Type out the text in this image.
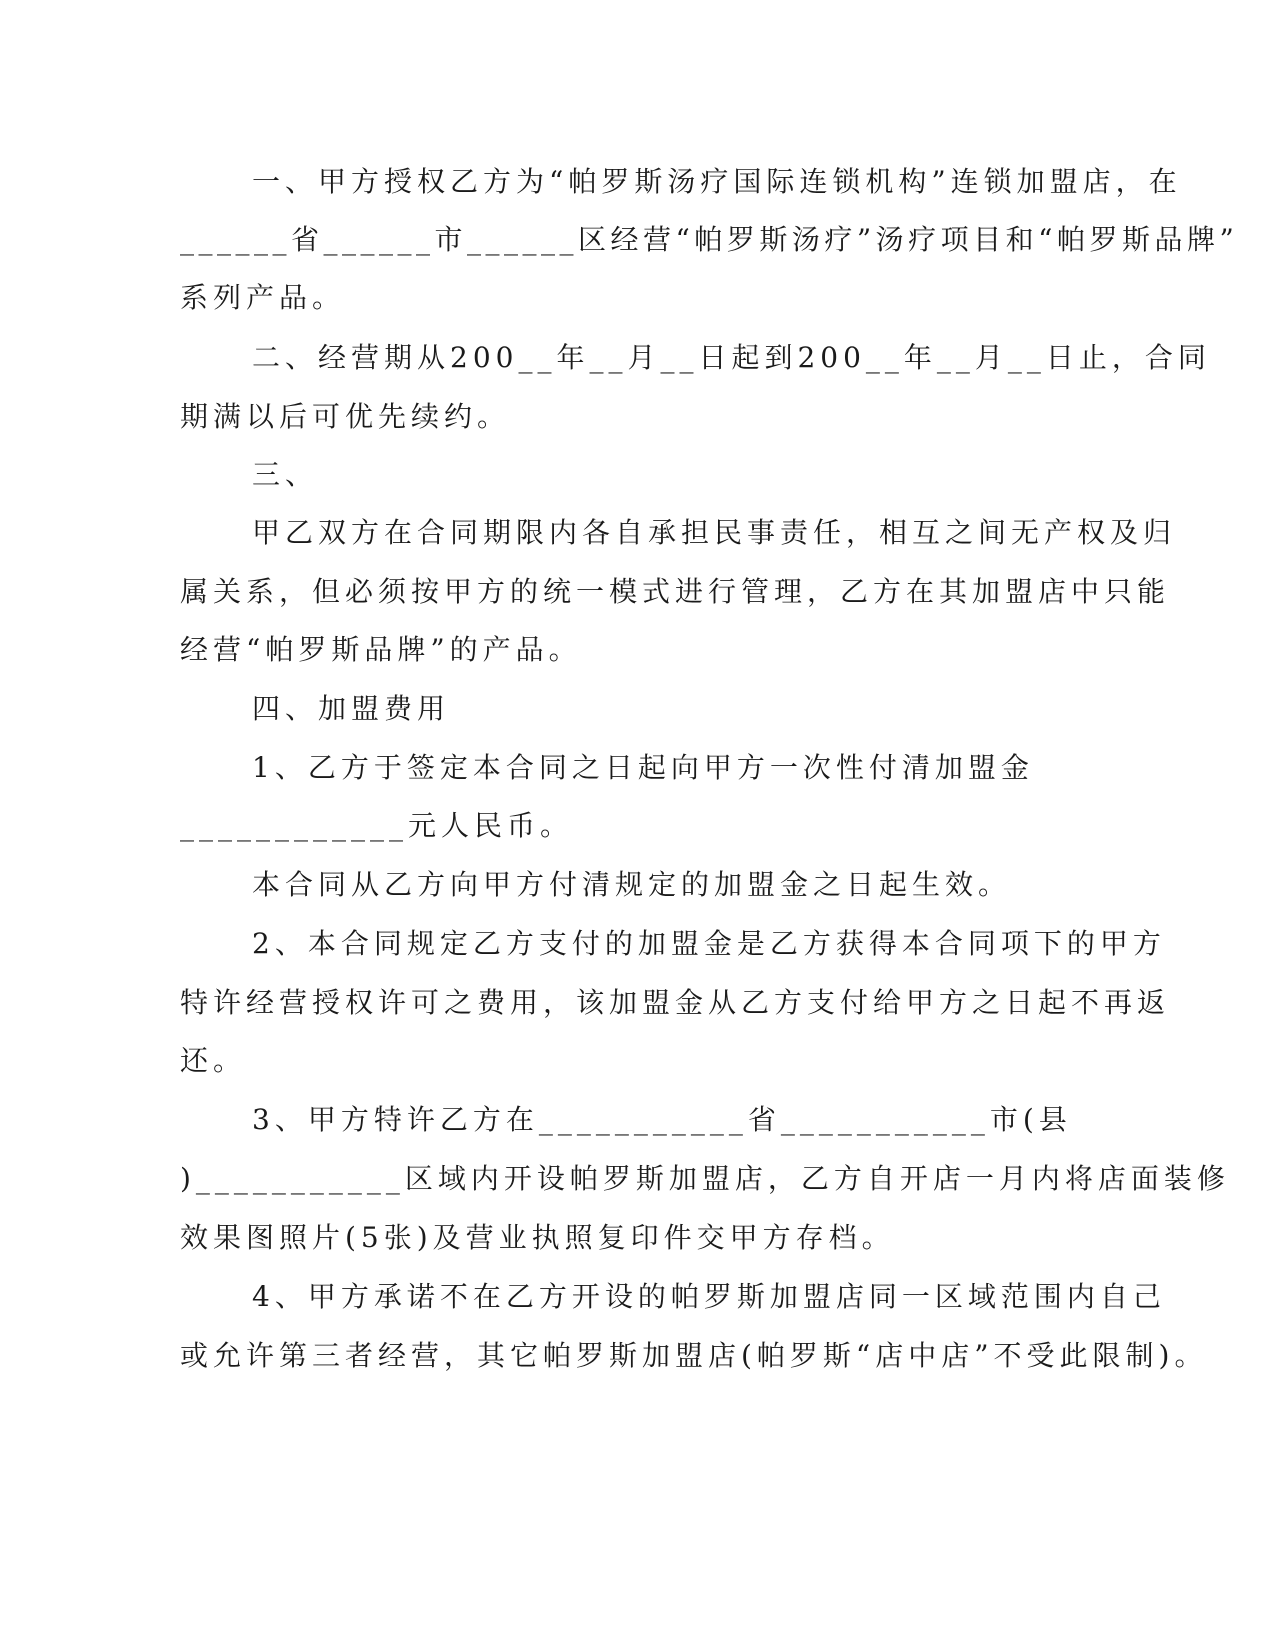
一、甲方授权乙方为“帕罗斯汤疗国际连锁机构”连锁加盟店，在
______省______市______区经营“帕罗斯汤疗”汤疗项目和“帕罗斯品牌”
系列产品。
二、经营期从200__年__月__日起到200__年__月__日止，合同
期满以后可优先续约。
三、
甲乙双方在合同期限内各自承担民事责任，相互之间无产权及归
属关系，但必须按甲方的统一模式进行管理，乙方在其加盟店中只能
经营“帕罗斯品牌”的产品。
四、加盟费用
1、乙方于签定本合同之日起向甲方一次性付清加盟金
____________元人民币。
本合同从乙方向甲方付清规定的加盟金之日起生效。
2、本合同规定乙方支付的加盟金是乙方获得本合同项下的甲方
特许经营授权许可之费用，该加盟金从乙方支付给甲方之日起不再返
还。
3、甲方特许乙方在___________省___________市(县
)___________区域内开设帕罗斯加盟店，乙方自开店一月内将店面装修
效果图照片(5张)及营业执照复印件交甲方存档。
4、甲方承诺不在乙方开设的帕罗斯加盟店同一区域范围内自己
或允许第三者经营，其它帕罗斯加盟店(帕罗斯“店中店”不受此限制)。
